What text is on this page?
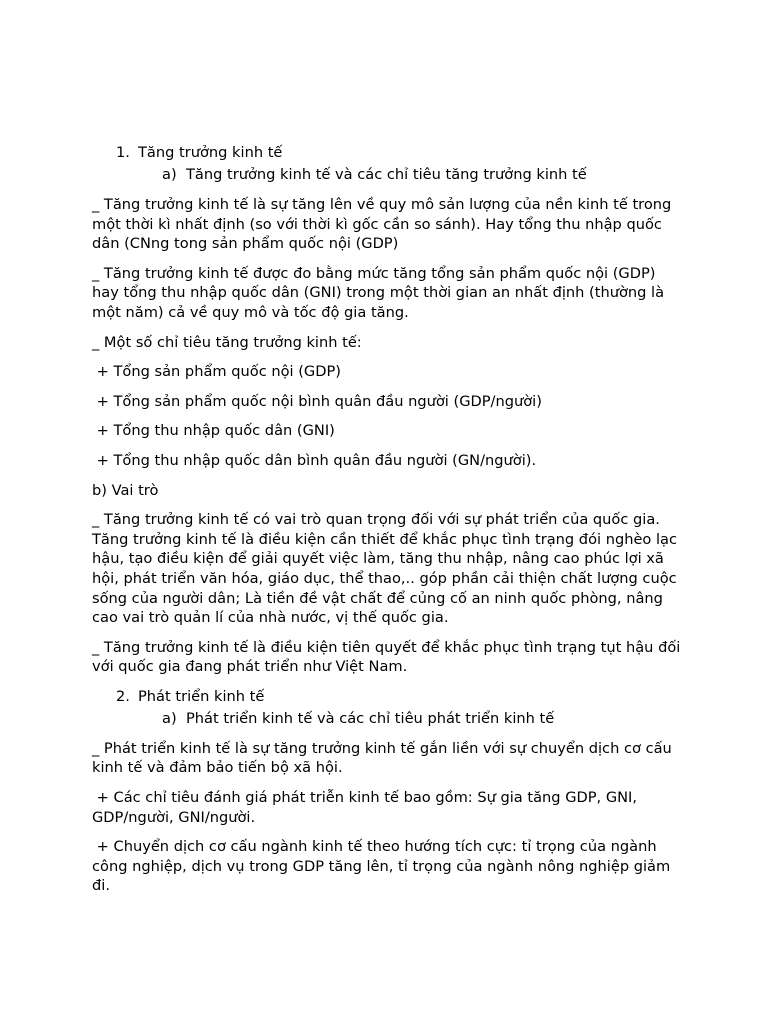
1. Tăng trưởng kinh tế
a) Tăng trưởng kinh tế và các chỉ tiêu tăng trưởng kinh tế

_ Tăng trưởng kinh tế là sự tăng lên về quy mô sản lượng của nền kinh tế trong một thời kì nhất định (so với thời kì gốc cần so sánh). Hay tổng thu nhập quốc dân (CNng tong sản phẩm quốc nội (GDP)

_ Tăng trưởng kinh tế được đo bằng mức tăng tổng sản phẩm quốc nội (GDP) hay tổng thu nhập quốc dân (GNI) trong một thời gian an nhất định (thường là một năm) cả về quy mô và tốc độ gia tăng.

_ Một số chỉ tiêu tăng trưởng kinh tế:

+ Tổng sản phẩm quốc nội (GDP)

+ Tổng sản phẩm quốc nội bình quân đầu người (GDP/người)

+ Tổng thu nhập quốc dân (GNI)

+ Tổng thu nhập quốc dân bình quân đầu người (GN/người).

b) Vai trò

_ Tăng trưởng kinh tế có vai trò quan trọng đối với sự phát triển của quốc gia. Tăng trưởng kinh tế là điều kiện cần thiết để khắc phục tình trạng đói nghèo lạc hậu, tạo điều kiện để giải quyết việc làm, tăng thu nhập, nâng cao phúc lợi xã hội, phát triển văn hóa, giáo dục, thể thao,.. góp phần cải thiện chất lượng cuộc sống của người dân; Là tiền đề vật chất để củng cố an ninh quốc phòng, nâng cao vai trò quản lí của nhà nước, vị thế quốc gia.

_ Tăng trưởng kinh tế là điều kiện tiên quyết để khắc phục tình trạng tụt hậu đối với quốc gia đang phát triển như Việt Nam.

2. Phát triển kinh tế
a) Phát triển kinh tế và các chỉ tiêu phát triển kinh tế

_ Phát triển kinh tế là sự tăng trưởng kinh tế gắn liền với sự chuyển dịch cơ cấu kinh tế và đảm bảo tiến bộ xã hội.

+ Các chỉ tiêu đánh giá phát triễn kinh tế bao gồm: Sự gia tăng GDP, GNI, GDP/người, GNI/người.

+ Chuyển dịch cơ cấu ngành kinh tế theo hướng tích cực: tỉ trọng của ngành công nghiệp, dịch vụ trong GDP tăng lên, tỉ trọng của ngành nông nghiệp giảm đi.
